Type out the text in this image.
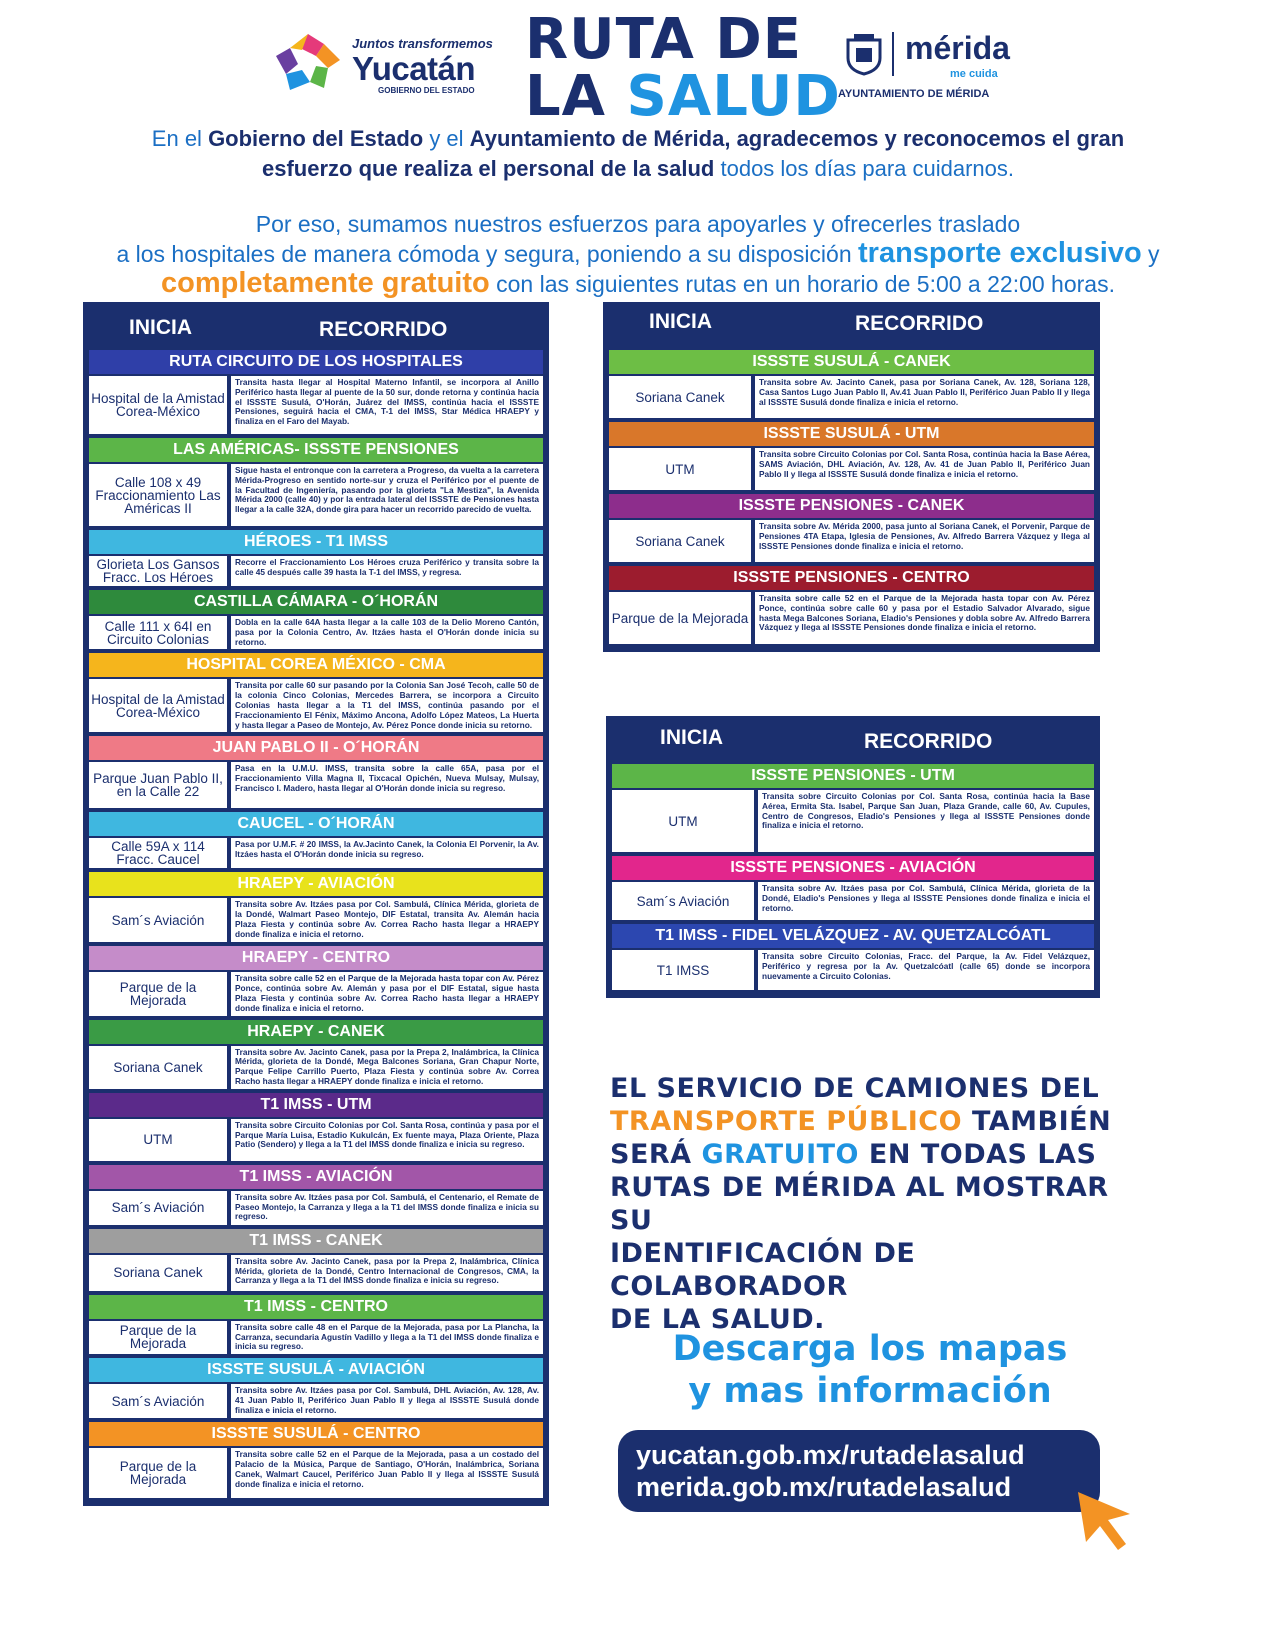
Juntos transformemos
Yucatán
GOBIERNO DEL ESTADO
RUTA DE
LA SALUD
mérida
me cuida
AYUNTAMIENTO DE MÉRIDA
En el Gobierno del Estado y el Ayuntamiento de Mérida, agradecemos y reconocemos el gran
esfuerzo que realiza el personal de la salud todos los días para cuidarnos.
Por eso, sumamos nuestros esfuerzos para apoyarles y ofrecerles traslado
a los hospitales de manera cómoda y segura, poniendo a su disposición transporte exclusivo y
completamente gratuito con las siguientes rutas en un horario de 5:00 a 22:00 horas.
INICIA	RECORRIDO
RUTA CIRCUITO DE LOS HOSPITALES
Hospital de la Amistad Corea-México
Transita hasta llegar al Hospital Materno Infantil, se incorpora al Anillo Periférico hasta llegar al puente de la 50 sur, donde retorna y continúa hacia el ISSSTE Susulá, O'Horán, Juárez del IMSS, continúa hacia el ISSSTE Pensiones, seguirá hacia el CMA, T-1 del IMSS, Star Médica HRAEPY y finaliza en el Faro del Mayab.
LAS AMÉRICAS- ISSSTE PENSIONES
Calle 108 x 49 Fraccionamiento Las Américas II
Sigue hasta el entronque con la carretera a Progreso, da vuelta a la carretera Mérida-Progreso en sentido norte-sur y cruza el Periférico por el puente de la Facultad de Ingeniería, pasando por la glorieta "La Mestiza", la Avenida Mérida 2000 (calle 40) y por la entrada lateral del ISSSTE de Pensiones hasta llegar a la calle 32A, donde gira para hacer un recorrido parecido de vuelta.
HÉROES - T1 IMSS
Glorieta Los Gansos Fracc. Los Héroes
Recorre el Fraccionamiento Los Héroes cruza Periférico y transita sobre la calle 45 después calle 39 hasta la T-1 del IMSS, y regresa.
CASTILLA CÁMARA - O´HORÁN
Calle 111 x 64I en Circuito Colonias
Dobla en la calle 64A hasta llegar a la calle 103 de la Delio Moreno Cantón, pasa por la Colonia Centro, Av. Itzáes hasta el O'Horán donde inicia su retorno.
HOSPITAL COREA MÉXICO - CMA
Hospital de la Amistad Corea-México
Transita por calle 60 sur pasando por la Colonia San José Tecoh, calle 50 de la colonia Cinco Colonias, Mercedes Barrera, se incorpora a Circuito Colonias hasta llegar a la T1 del IMSS, continúa pasando por el Fraccionamiento El Fénix, Máximo Ancona, Adolfo López Mateos, La Huerta y hasta llegar a Paseo de Montejo, Av. Pérez Ponce donde inicia su retorno.
JUAN PABLO II - O´HORÁN
Parque Juan Pablo II, en la Calle 22
Pasa en la U.M.U. IMSS, transita sobre la calle 65A, pasa por el Fraccionamiento Villa Magna II, Tixcacal Opichén, Nueva Mulsay, Mulsay, Francisco I. Madero, hasta llegar al O'Horán donde inicia su regreso.
CAUCEL - O´HORÁN
Calle 59A x 114 Fracc. Caucel
Pasa por U.M.F. # 20 IMSS, la Av.Jacinto Canek, la Colonia El Porvenir, la Av. Itzáes hasta el O'Horán donde inicia su regreso.
HRAEPY - AVIACIÓN
Sam´s Aviación
Transita sobre Av. Itzáes pasa por Col. Sambulá, Clínica Mérida, glorieta de la Dondé, Walmart Paseo Montejo, DIF Estatal, transita Av. Alemán hacia Plaza Fiesta y continúa sobre Av. Correa Racho hasta llegar a HRAEPY donde finaliza e inicia el retorno.
HRAEPY - CENTRO
Parque de la Mejorada
Transita sobre calle 52 en el Parque de la Mejorada hasta topar con Av. Pérez Ponce, continúa sobre Av. Alemán y pasa por el DIF Estatal, sigue hasta Plaza Fiesta y continúa sobre Av. Correa Racho hasta llegar a HRAEPY donde finaliza e inicia el retorno.
HRAEPY - CANEK
Soriana Canek
Transita sobre Av. Jacinto Canek, pasa por la Prepa 2, Inalámbrica, la Clínica Mérida, glorieta de la Dondé, Mega Balcones Soriana, Gran Chapur Norte, Parque Felipe Carrillo Puerto, Plaza Fiesta y continúa sobre Av. Correa Racho hasta llegar a HRAEPY donde finaliza e inicia el retorno.
T1 IMSS - UTM
UTM
Transita sobre Circuito Colonias por Col. Santa Rosa, continúa y pasa por el Parque María Luisa, Estadio Kukulcán, Ex fuente maya, Plaza Oriente, Plaza Patio (Sendero) y llega a la T1 del IMSS donde finaliza e inicia su regreso.
T1 IMSS - AVIACIÓN
Sam´s Aviación
Transita sobre Av. Itzáes pasa por Col. Sambulá, el Centenario, el Remate de Paseo Montejo, la Carranza y llega a la T1 del IMSS donde finaliza e inicia su regreso.
T1 IMSS - CANEK
Soriana Canek
Transita sobre Av. Jacinto Canek, pasa por la Prepa 2, Inalámbrica, Clínica Mérida, glorieta de la Dondé, Centro Internacional de Congresos, CMA, la Carranza y llega a la T1 del IMSS donde finaliza e inicia su regreso.
T1 IMSS - CENTRO
Parque de la Mejorada
Transita sobre calle 48 en el Parque de la Mejorada, pasa por La Plancha, la Carranza, secundaria Agustín Vadillo y llega a la T1 del IMSS donde finaliza e inicia su regreso.
ISSSTE SUSULÁ - AVIACIÓN
Sam´s Aviación
Transita sobre Av. Itzáes pasa por Col. Sambulá, DHL Aviación, Av. 128, Av. 41 Juan Pablo II, Periférico Juan Pablo II y llega al ISSSTE Susulá donde finaliza e inicia el retorno.
ISSSTE SUSULÁ - CENTRO
Parque de la Mejorada
Transita sobre calle 52 en el Parque de la Mejorada, pasa a un costado del Palacio de la Música, Parque de Santiago, O'Horán, Inalámbrica, Soriana Canek, Walmart Caucel, Periférico Juan Pablo II y llega al ISSSTE Susulá donde finaliza e inicia el retorno.
INICIA	RECORRIDO
ISSSTE SUSULÁ - CANEK
Soriana Canek
Transita sobre Av. Jacinto Canek, pasa por Soriana Canek, Av. 128, Soriana 128, Casa Santos Lugo Juan Pablo II, Av.41 Juan Pablo II, Periférico Juan Pablo II y llega al ISSSTE Susulá donde finaliza e inicia el retorno.
ISSSTE SUSULÁ - UTM
UTM
Transita sobre Circuito Colonias por Col. Santa Rosa, continúa hacia la Base Aérea, SAMS Aviación, DHL Aviación, Av. 128, Av. 41 de Juan Pablo II, Periférico Juan Pablo II y llega al ISSSTE Susulá donde finaliza e inicia el retorno.
ISSSTE PENSIONES - CANEK
Soriana Canek
Transita sobre Av. Mérida 2000, pasa junto al Soriana Canek, el Porvenir, Parque de Pensiones 4TA Etapa, Iglesia de Pensiones, Av. Alfredo Barrera Vázquez y llega al ISSSTE Pensiones donde finaliza e inicia el retorno.
ISSSTE PENSIONES - CENTRO
Parque de la Mejorada
Transita sobre calle 52 en el Parque de la Mejorada hasta topar con Av. Pérez Ponce, continúa sobre calle 60 y pasa por el Estadio Salvador Alvarado, sigue hasta Mega Balcones Soriana, Eladio's Pensiones y dobla sobre Av. Alfredo Barrera Vázquez y llega al ISSSTE Pensiones donde finaliza e inicia el retorno.
INICIA	RECORRIDO
ISSSTE PENSIONES - UTM
UTM
Transita sobre Circuito Colonias por Col. Santa Rosa, continúa hacia la Base Aérea, Ermita Sta. Isabel, Parque San Juan, Plaza Grande, calle 60, Av. Cupules, Centro de Congresos, Eladio's Pensiones y llega al ISSSTE Pensiones donde finaliza e inicia el retorno.
ISSSTE PENSIONES - AVIACIÓN
Sam´s Aviación
Transita sobre Av. Itzáes pasa por Col. Sambulá, Clínica Mérida, glorieta de la Dondé, Eladio's Pensiones y llega al ISSSTE Pensiones donde finaliza e inicia el retorno.
T1 IMSS - FIDEL VELÁZQUEZ - AV. QUETZALCÓATL
T1 IMSS
Transita sobre Circuito Colonias, Fracc. del Parque, la Av. Fidel Velázquez, Periférico y regresa por la Av. Quetzalcóatl (calle 65) donde se incorpora nuevamente a Circuito Colonias.
EL SERVICIO DE CAMIONES DEL
TRANSPORTE PÚBLICO TAMBIÉN
SERÁ GRATUITO EN TODAS LAS
RUTAS DE MÉRIDA AL MOSTRAR SU
IDENTIFICACIÓN DE COLABORADOR
DE LA SALUD.
Descarga los mapas
y mas información
yucatan.gob.mx/rutadelasalud
merida.gob.mx/rutadelasalud
